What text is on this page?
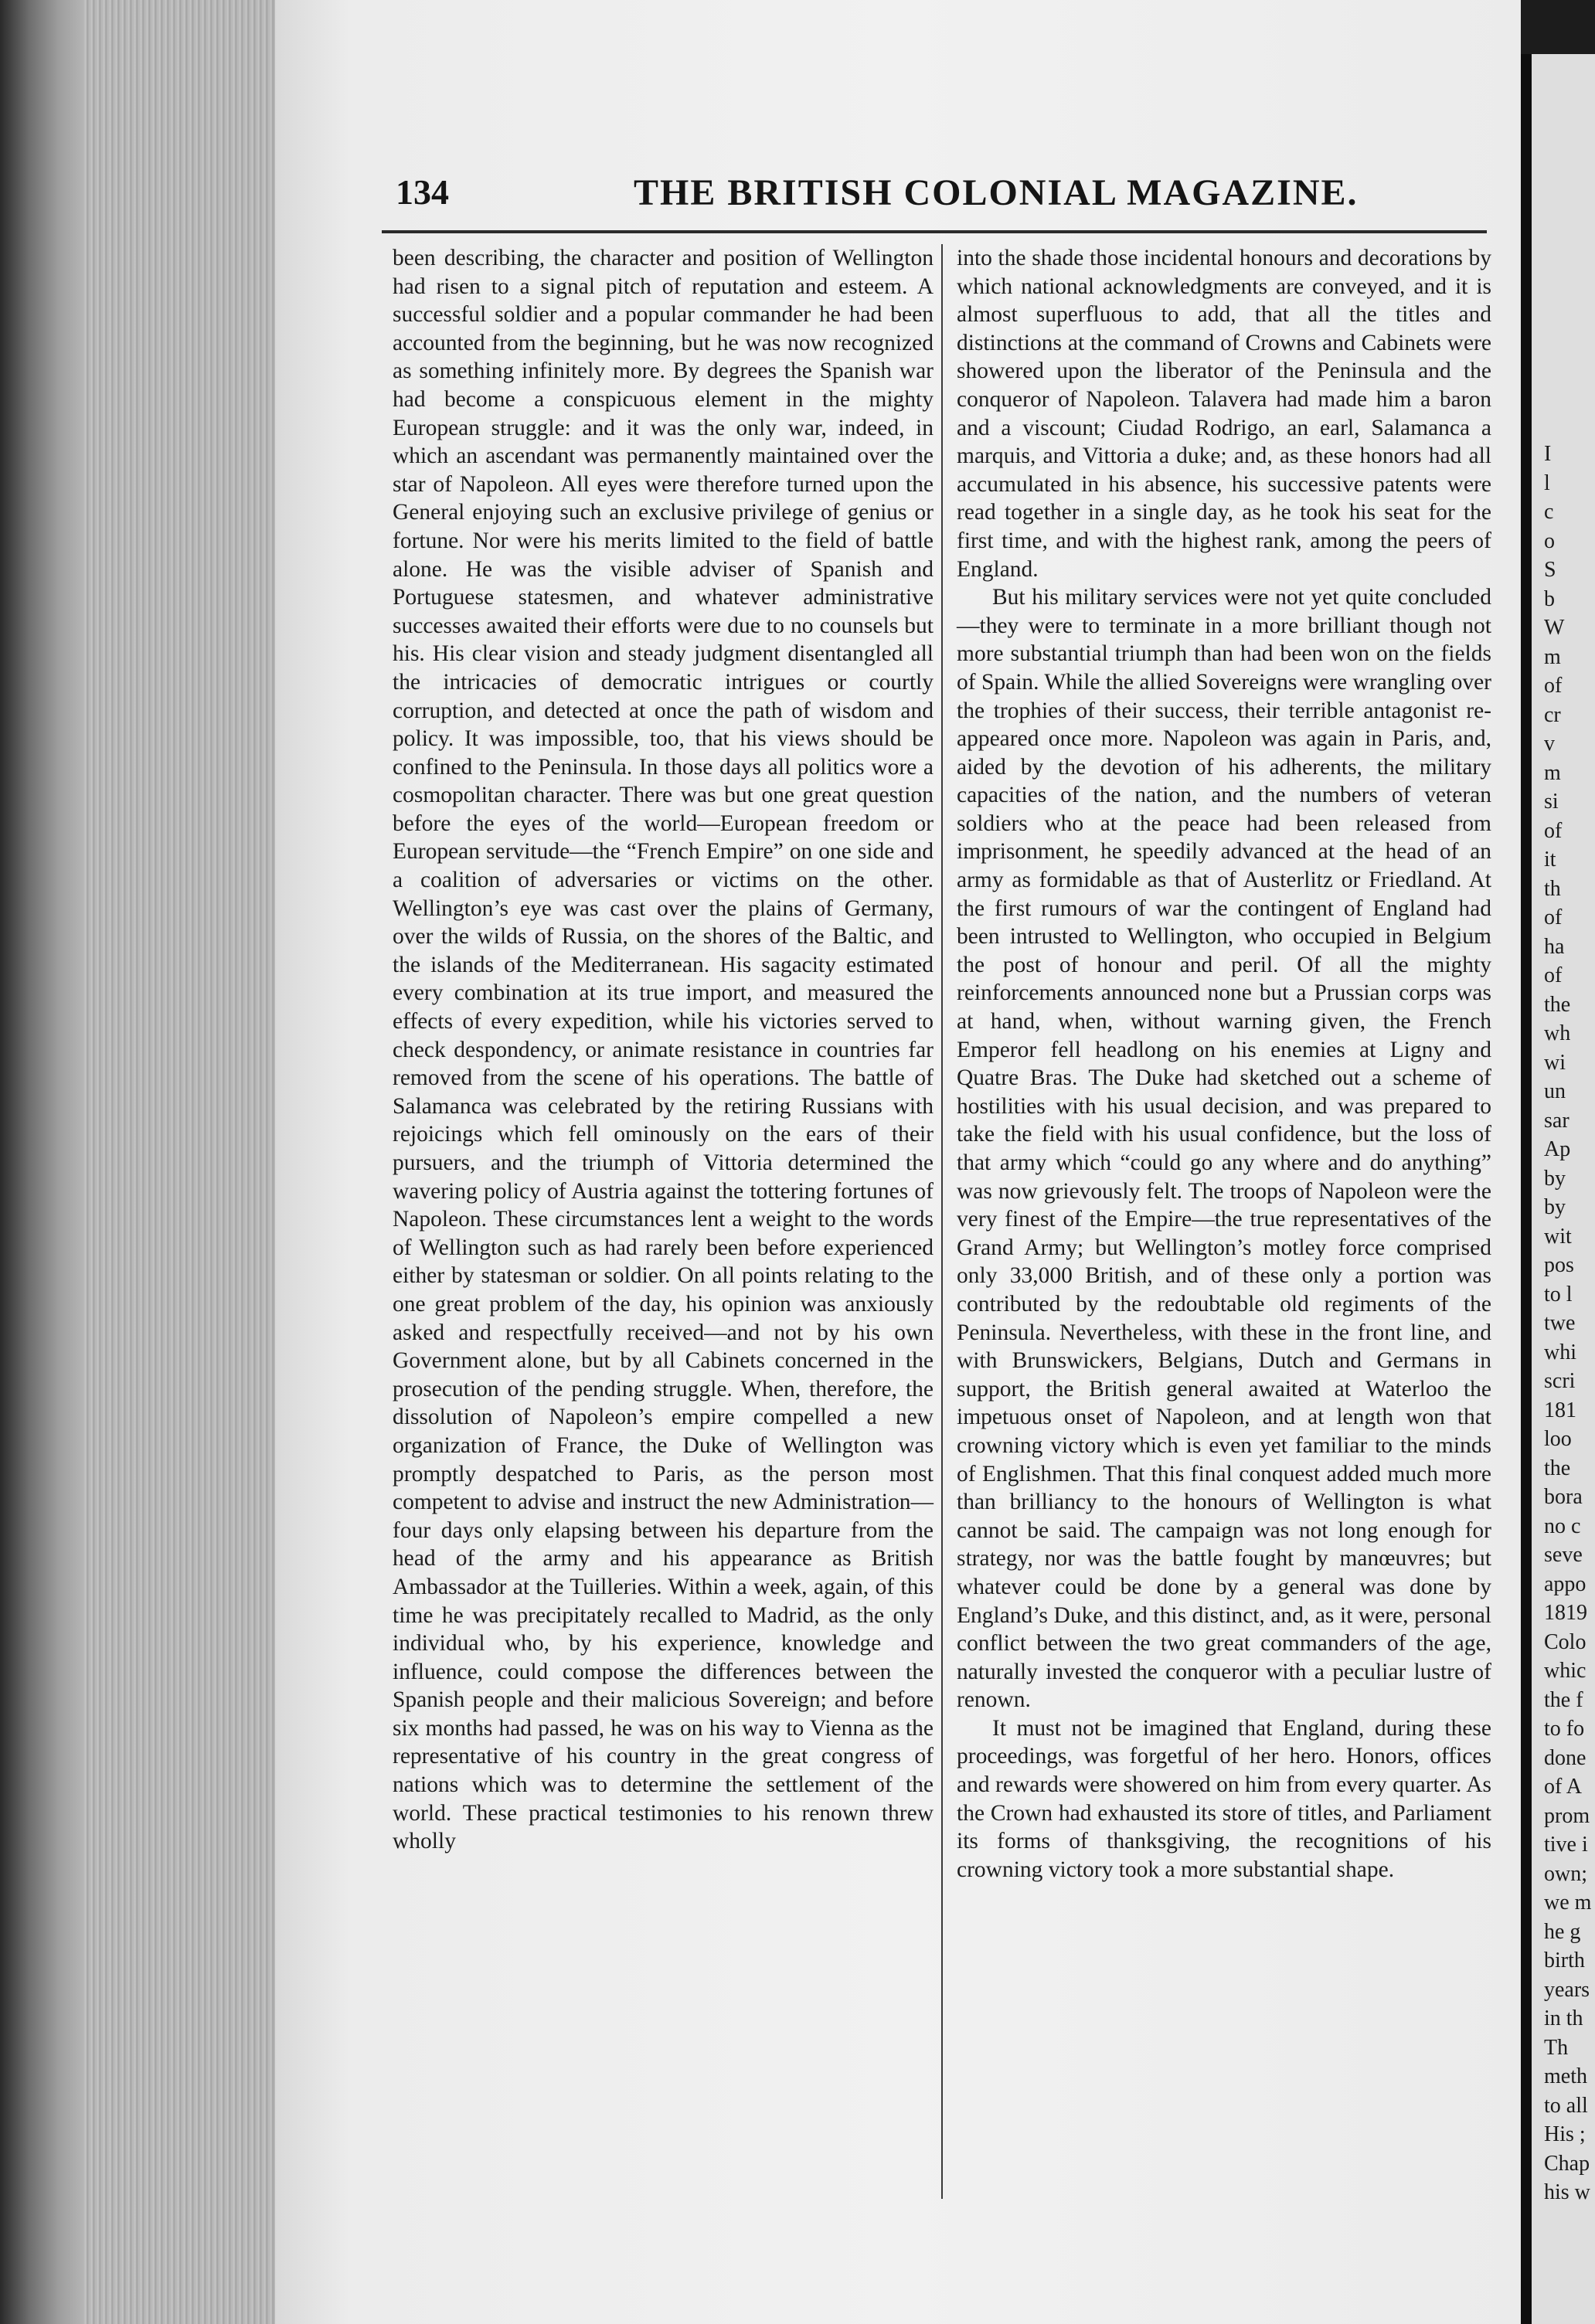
134	THE BRITISH COLONIAL MAGAZINE.

been describing, the character and position of Wellington had risen to a signal pitch of reputation and esteem. A successful soldier and a popular commander he had been accounted from the beginning, but he was now recognized as something infinitely more. By degrees the Spanish war had become a conspicuous element in the mighty European struggle: and it was the only war, indeed, in which an ascendant was permanently maintained over the star of Napoleon. All eyes were therefore turned upon the General enjoying such an exclusive privilege of genius or fortune. Nor were his merits limited to the field of battle alone. He was the visible adviser of Spanish and Portuguese statesmen, and whatever administrative successes awaited their efforts were due to no counsels but his. His clear vision and steady judgment disentangled all the intricacies of democratic intrigues or courtly corruption, and detected at once the path of wisdom and policy. It was impossible, too, that his views should be confined to the Peninsula. In those days all politics wore a cosmopolitan character. There was but one great question before the eyes of the world—European freedom or European servitude—the “French Empire” on one side and a coalition of adversaries or victims on the other. Wellington’s eye was cast over the plains of Germany, over the wilds of Russia, on the shores of the Baltic, and the islands of the Mediterranean. His sagacity estimated every combination at its true import, and measured the effects of every expedition, while his victories served to check despondency, or animate resistance in countries far removed from the scene of his operations. The battle of Salamanca was celebrated by the retiring Russians with rejoicings which fell ominously on the ears of their pursuers, and the triumph of Vittoria determined the wavering policy of Austria against the tottering fortunes of Napoleon. These circumstances lent a weight to the words of Wellington such as had rarely been before experienced either by statesman or soldier. On all points relating to the one great problem of the day, his opinion was anxiously asked and respectfully received—and not by his own Government alone, but by all Cabinets concerned in the prosecution of the pending struggle. When, therefore, the dissolution of Napoleon’s empire compelled a new organization of France, the Duke of Wellington was promptly despatched to Paris, as the person most competent to advise and instruct the new Administration—four days only elapsing between his departure from the head of the army and his appearance as British Ambassador at the Tuilleries. Within a week, again, of this time he was precipitately recalled to Madrid, as the only individual who, by his experience, knowledge and influence, could compose the differences between the Spanish people and their malicious Sovereign; and before six months had passed, he was on his way to Vienna as the representative of his country in the great congress of nations which was to determine the settlement of the world. These practical testimonies to his renown threw wholly

into the shade those incidental honours and decorations by which national acknowledgments are conveyed, and it is almost superfluous to add, that all the titles and distinctions at the command of Crowns and Cabinets were showered upon the liberator of the Peninsula and the conqueror of Napoleon. Talavera had made him a baron and a viscount; Ciudad Rodrigo, an earl, Salamanca a marquis, and Vittoria a duke; and, as these honors had all accumulated in his absence, his successive patents were read together in a single day, as he took his seat for the first time, and with the highest rank, among the peers of England.

But his military services were not yet quite concluded—they were to terminate in a more brilliant though not more substantial triumph than had been won on the fields of Spain. While the allied Sovereigns were wrangling over the trophies of their success, their terrible antagonist re-appeared once more. Napoleon was again in Paris, and, aided by the devotion of his adherents, the military capacities of the nation, and the numbers of veteran soldiers who at the peace had been released from imprisonment, he speedily advanced at the head of an army as formidable as that of Austerlitz or Friedland. At the first rumours of war the contingent of England had been intrusted to Wellington, who occupied in Belgium the post of honour and peril. Of all the mighty reinforcements announced none but a Prussian corps was at hand, when, without warning given, the French Emperor fell headlong on his enemies at Ligny and Quatre Bras. The Duke had sketched out a scheme of hostilities with his usual decision, and was prepared to take the field with his usual confidence, but the loss of that army which “could go any where and do anything” was now grievously felt. The troops of Napoleon were the very finest of the Empire—the true representatives of the Grand Army; but Wellington’s motley force comprised only 33,000 British, and of these only a portion was contributed by the redoubtable old regiments of the Peninsula. Nevertheless, with these in the front line, and with Brunswickers, Belgians, Dutch and Germans in support, the British general awaited at Waterloo the impetuous onset of Napoleon, and at length won that crowning victory which is even yet familiar to the minds of Englishmen. That this final conquest added much more than brilliancy to the honours of Wellington is what cannot be said. The campaign was not long enough for strategy, nor was the battle fought by manœuvres; but whatever could be done by a general was done by England’s Duke, and this distinct, and, as it were, personal conflict between the two great commanders of the age, naturally invested the conqueror with a peculiar lustre of renown.

It must not be imagined that England, during these proceedings, was forgetful of her hero. Honors, offices and rewards were showered on him from every quarter. As the Crown had exhausted its store of titles, and Parliament its forms of thanksgiving, the recognitions of his crowning victory took a more substantial shape.

I
l
c
o
S
b
W
m
of
cr
v
m
si
of
it
th
of
ha
of
the
wh
wi
un
sar
Ap
by
by
wit
pos
to l
twe
whi
scri
181
loo
the
bora
no c
seve
appo
1819
Colo
whic
the f
to fo
done
of A
prom
tive i
own;
we m
he g
birth
years
in th
Th
meth
to all
His ;
Chap
his w
